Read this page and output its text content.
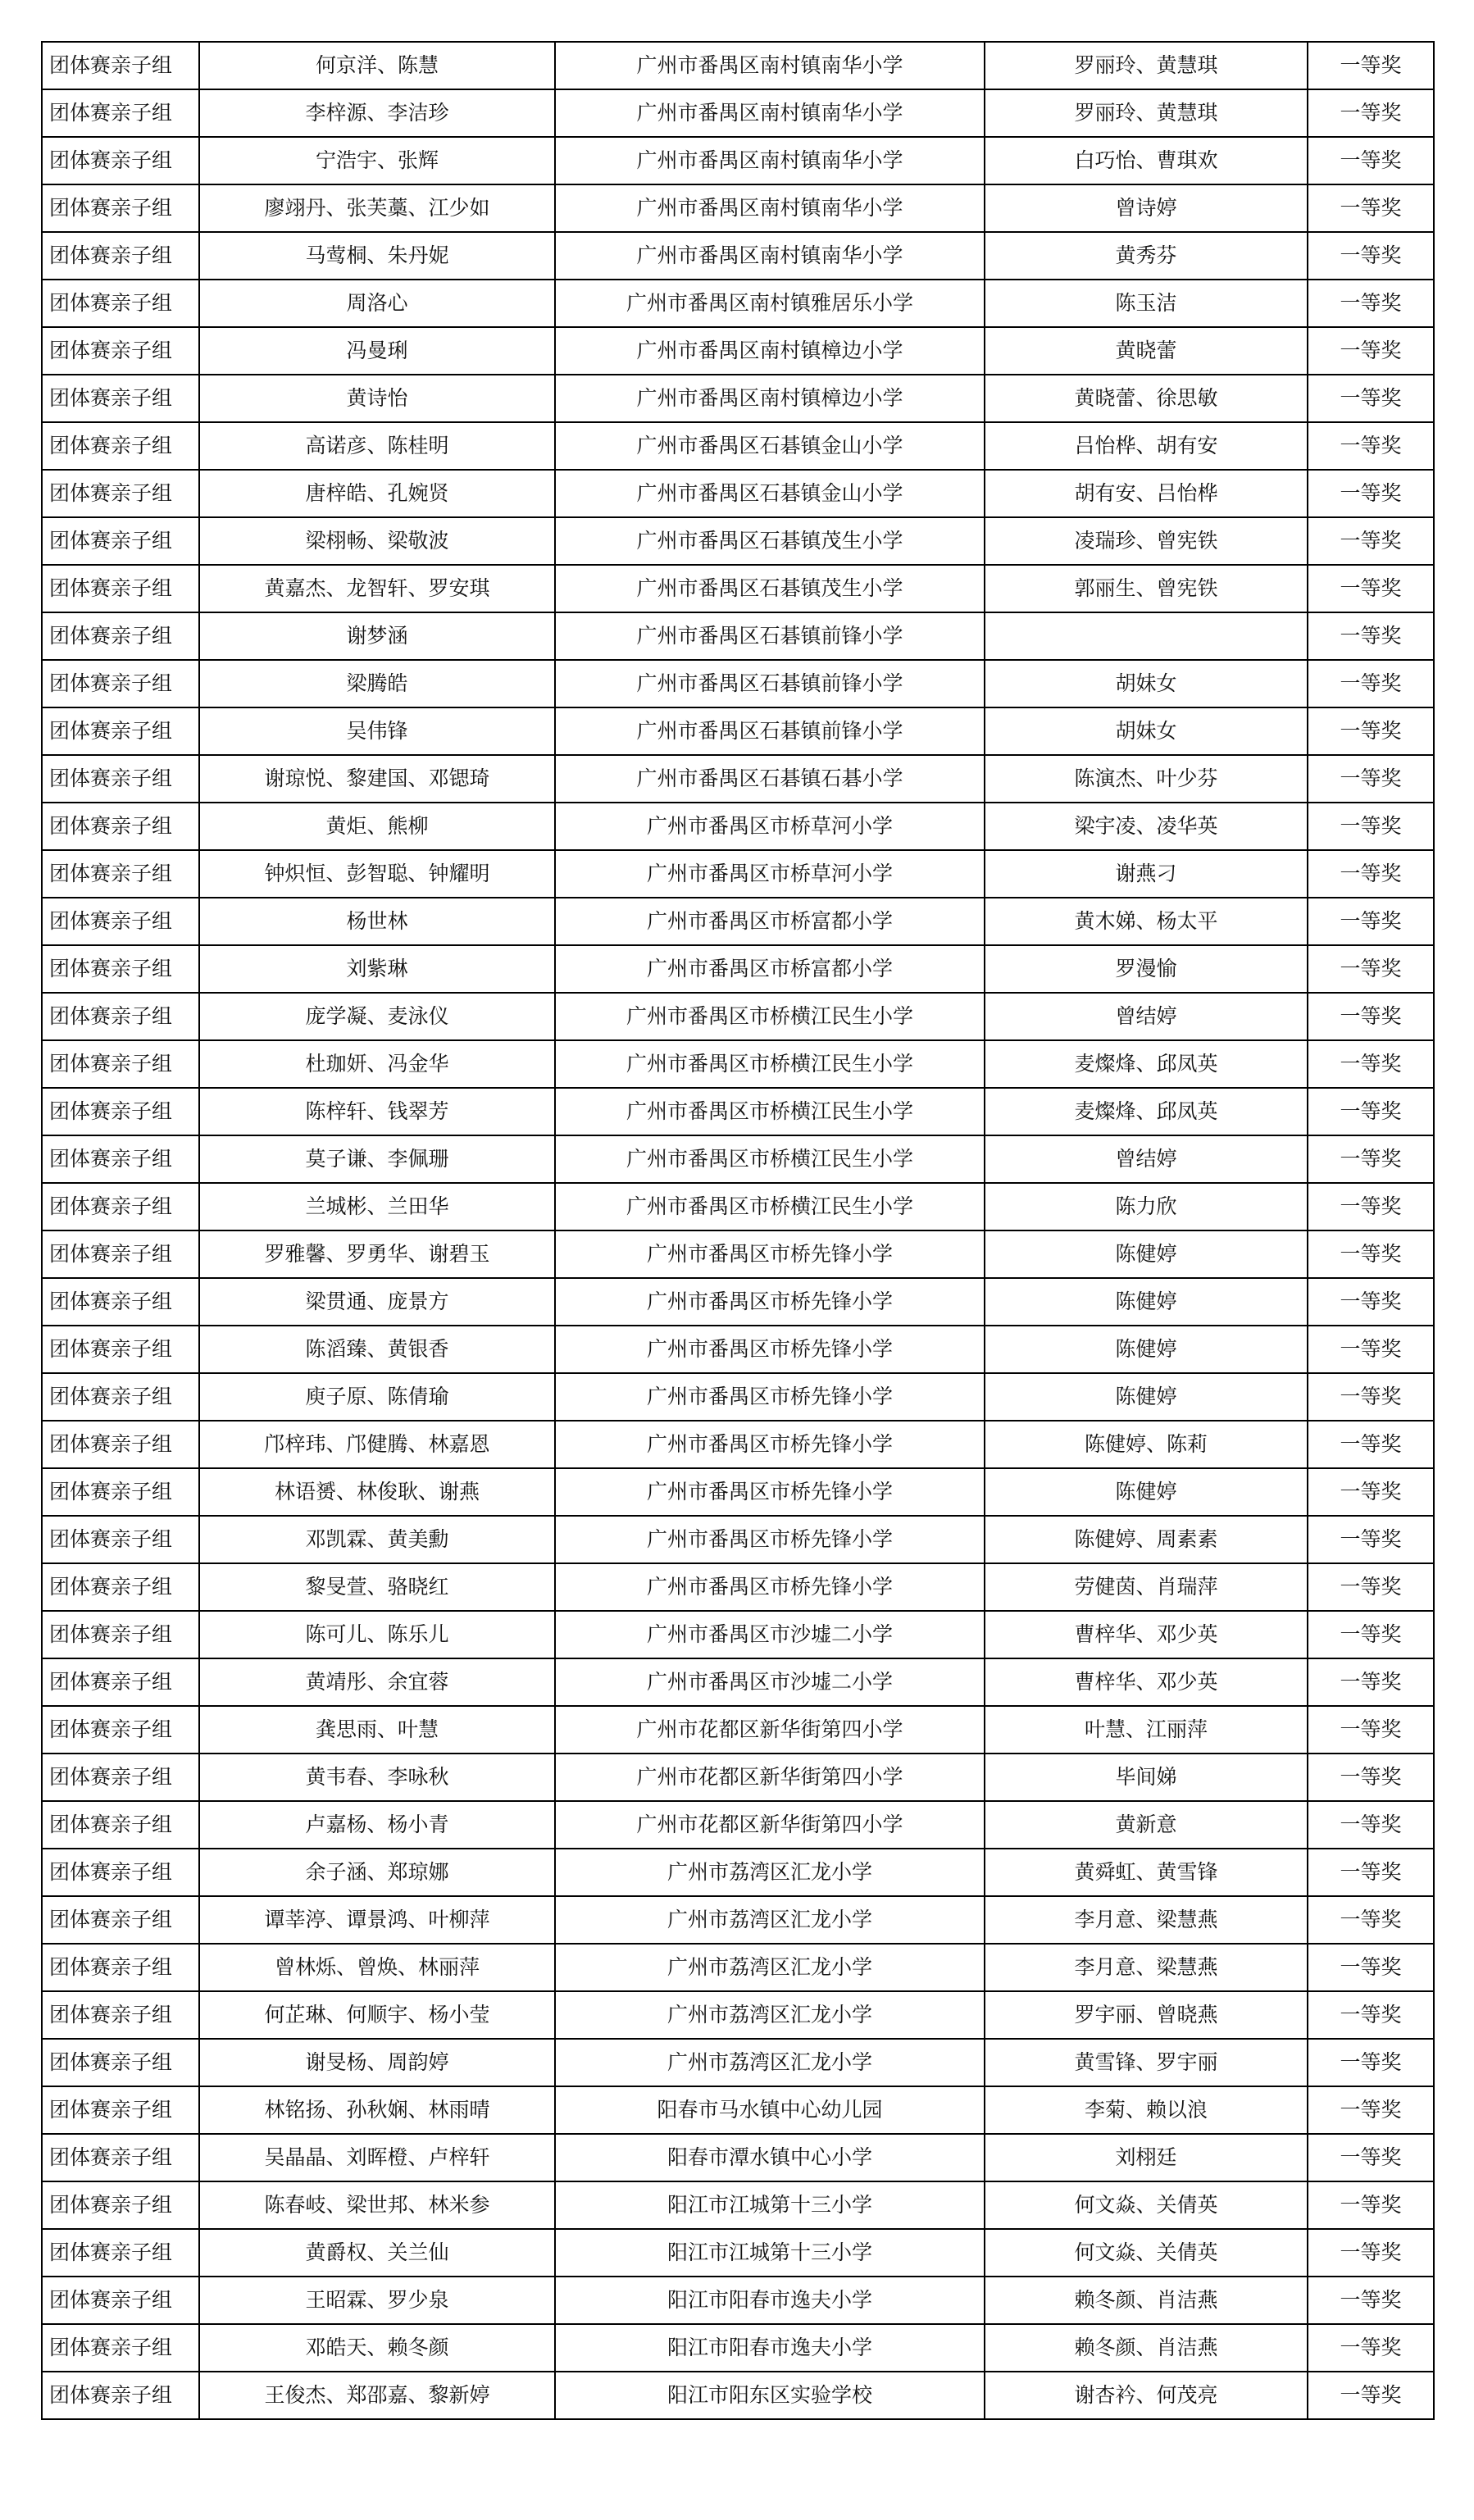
团体赛亲子组	何京洋、陈慧	广州市番禺区南村镇南华小学	罗丽玲、黄慧琪	一等奖
团体赛亲子组	李梓源、李洁珍	广州市番禺区南村镇南华小学	罗丽玲、黄慧琪	一等奖
团体赛亲子组	宁浩宇、张辉	广州市番禺区南村镇南华小学	白巧怡、曹琪欢	一等奖
团体赛亲子组	廖翊丹、张芙藁、江少如	广州市番禺区南村镇南华小学	曾诗婷	一等奖
团体赛亲子组	马莺桐、朱丹妮	广州市番禺区南村镇南华小学	黄秀芬	一等奖
团体赛亲子组	周洛心	广州市番禺区南村镇雅居乐小学	陈玉洁	一等奖
团体赛亲子组	冯曼琍	广州市番禺区南村镇樟边小学	黄晓蕾	一等奖
团体赛亲子组	黄诗怡	广州市番禺区南村镇樟边小学	黄晓蕾、徐思敏	一等奖
团体赛亲子组	高诺彦、陈桂明	广州市番禺区石碁镇金山小学	吕怡桦、胡有安	一等奖
团体赛亲子组	唐梓皓、孔婉贤	广州市番禺区石碁镇金山小学	胡有安、吕怡桦	一等奖
团体赛亲子组	梁栩畅、梁敬波	广州市番禺区石碁镇茂生小学	凌瑞珍、曾宪铁	一等奖
团体赛亲子组	黄嘉杰、龙智轩、罗安琪	广州市番禺区石碁镇茂生小学	郭丽生、曾宪铁	一等奖
团体赛亲子组	谢梦涵	广州市番禺区石碁镇前锋小学		一等奖
团体赛亲子组	梁腾皓	广州市番禺区石碁镇前锋小学	胡妹女	一等奖
团体赛亲子组	吴伟锋	广州市番禺区石碁镇前锋小学	胡妹女	一等奖
团体赛亲子组	谢琼悦、黎建国、邓锶琦	广州市番禺区石碁镇石碁小学	陈演杰、叶少芬	一等奖
团体赛亲子组	黄炬、熊柳	广州市番禺区市桥草河小学	梁宇凌、凌华英	一等奖
团体赛亲子组	钟炽恒、彭智聪、钟耀明	广州市番禺区市桥草河小学	谢燕刁	一等奖
团体赛亲子组	杨世林	广州市番禺区市桥富都小学	黄木娣、杨太平	一等奖
团体赛亲子组	刘紫琳	广州市番禺区市桥富都小学	罗漫愉	一等奖
团体赛亲子组	庞学凝、麦泳仪	广州市番禺区市桥横江民生小学	曾结婷	一等奖
团体赛亲子组	杜珈妍、冯金华	广州市番禺区市桥横江民生小学	麦燦烽、邱凤英	一等奖
团体赛亲子组	陈梓轩、钱翠芳	广州市番禺区市桥横江民生小学	麦燦烽、邱凤英	一等奖
团体赛亲子组	莫子谦、李佩珊	广州市番禺区市桥横江民生小学	曾结婷	一等奖
团体赛亲子组	兰城彬、兰田华	广州市番禺区市桥横江民生小学	陈力欣	一等奖
团体赛亲子组	罗雅馨、罗勇华、谢碧玉	广州市番禺区市桥先锋小学	陈健婷	一等奖
团体赛亲子组	梁贯通、庞景方	广州市番禺区市桥先锋小学	陈健婷	一等奖
团体赛亲子组	陈滔臻、黄银香	广州市番禺区市桥先锋小学	陈健婷	一等奖
团体赛亲子组	庾子原、陈倩瑜	广州市番禺区市桥先锋小学	陈健婷	一等奖
团体赛亲子组	邝梓玮、邝健腾、林嘉恩	广州市番禺区市桥先锋小学	陈健婷、陈莉	一等奖
团体赛亲子组	林语赟、林俊耿、谢燕	广州市番禺区市桥先锋小学	陈健婷	一等奖
团体赛亲子组	邓凯霖、黄美勳	广州市番禺区市桥先锋小学	陈健婷、周素素	一等奖
团体赛亲子组	黎旻萱、骆晓红	广州市番禺区市桥先锋小学	劳健茵、肖瑞萍	一等奖
团体赛亲子组	陈可儿、陈乐儿	广州市番禺区市沙墟二小学	曹梓华、邓少英	一等奖
团体赛亲子组	黄靖彤、余宜蓉	广州市番禺区市沙墟二小学	曹梓华、邓少英	一等奖
团体赛亲子组	龚思雨、叶慧	广州市花都区新华街第四小学	叶慧、江丽萍	一等奖
团体赛亲子组	黄韦春、李咏秋	广州市花都区新华街第四小学	毕间娣	一等奖
团体赛亲子组	卢嘉杨、杨小青	广州市花都区新华街第四小学	黄新意	一等奖
团体赛亲子组	余子涵、郑琼娜	广州市荔湾区汇龙小学	黄舜虹、黄雪锋	一等奖
团体赛亲子组	谭莘渟、谭景鸿、叶柳萍	广州市荔湾区汇龙小学	李月意、梁慧燕	一等奖
团体赛亲子组	曾林烁、曾焕、林丽萍	广州市荔湾区汇龙小学	李月意、梁慧燕	一等奖
团体赛亲子组	何芷琳、何顺宇、杨小莹	广州市荔湾区汇龙小学	罗宇丽、曾晓燕	一等奖
团体赛亲子组	谢旻杨、周韵婷	广州市荔湾区汇龙小学	黄雪锋、罗宇丽	一等奖
团体赛亲子组	林铭扬、孙秋娴、林雨晴	阳春市马水镇中心幼儿园	李菊、赖以浪	一等奖
团体赛亲子组	吴晶晶、刘晖橙、卢梓轩	阳春市潭水镇中心小学	刘栩廷	一等奖
团体赛亲子组	陈春岐、梁世邦、林米参	阳江市江城第十三小学	何文焱、关倩英	一等奖
团体赛亲子组	黄爵权、关兰仙	阳江市江城第十三小学	何文焱、关倩英	一等奖
团体赛亲子组	王昭霖、罗少泉	阳江市阳春市逸夫小学	赖冬颜、肖洁燕	一等奖
团体赛亲子组	邓皓天、赖冬颜	阳江市阳春市逸夫小学	赖冬颜、肖洁燕	一等奖
团体赛亲子组	王俊杰、郑邵嘉、黎新婷	阳江市阳东区实验学校	谢杏衿、何茂亮	一等奖
